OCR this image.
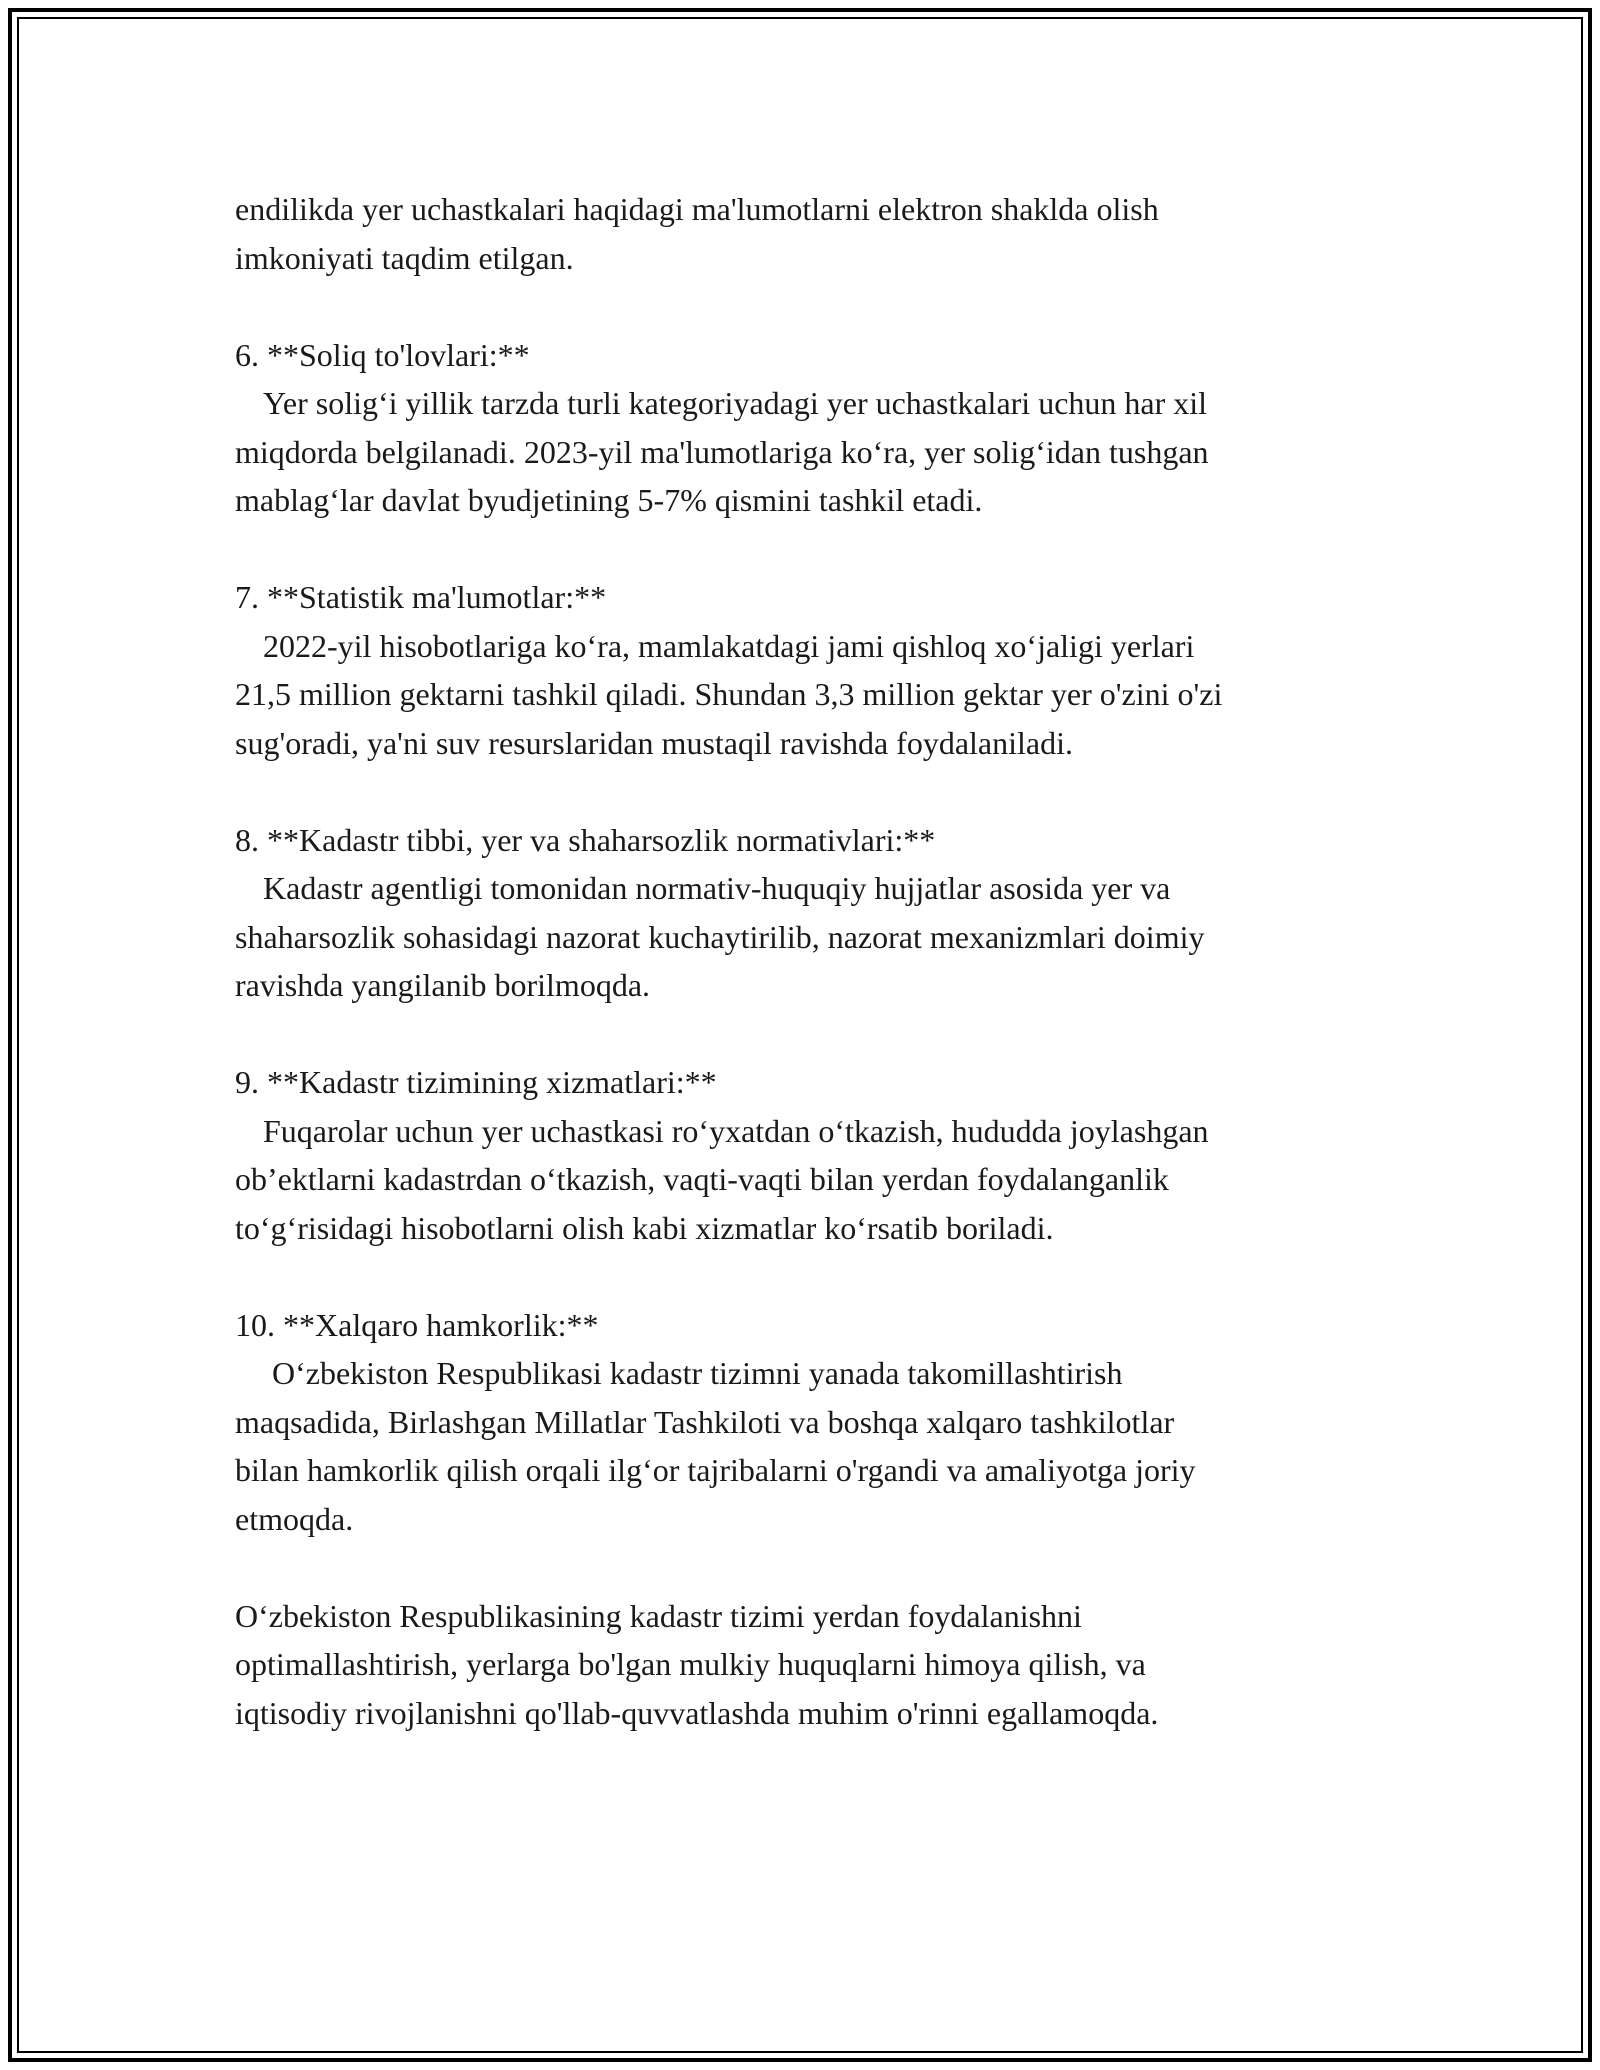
endilikda yer uchastkalari haqidagi ma'lumotlarni elektron shaklda olish

imkoniyati taqdim etilgan.

6. **Soliq to'lovlari:**

Yer solig‘i yillik tarzda turli kategoriyadagi yer uchastkalari uchun har xil

miqdorda belgilanadi. 2023-yil ma'lumotlariga ko‘ra, yer solig‘idan tushgan

mablag‘lar davlat byudjetining 5-7% qismini tashkil etadi.

7. **Statistik ma'lumotlar:**

2022-yil hisobotlariga ko‘ra, mamlakatdagi jami qishloq xo‘jaligi yerlari

21,5 million gektarni tashkil qiladi. Shundan 3,3 million gektar yer o'zini o'zi

sug'oradi, ya'ni suv resurslaridan mustaqil ravishda foydalaniladi.

8. **Kadastr tibbi, yer va shaharsozlik normativlari:**

Kadastr agentligi tomonidan normativ-huquqiy hujjatlar asosida yer va

shaharsozlik sohasidagi nazorat kuchaytirilib, nazorat mexanizmlari doimiy

ravishda yangilanib borilmoqda.

9. **Kadastr tizimining xizmatlari:**

Fuqarolar uchun yer uchastkasi ro‘yxatdan o‘tkazish, hududda joylashgan

ob’ektlarni kadastrdan o‘tkazish, vaqti-vaqti bilan yerdan foydalanganlik

to‘g‘risidagi hisobotlarni olish kabi xizmatlar ko‘rsatib boriladi.

10. **Xalqaro hamkorlik:**

O‘zbekiston Respublikasi kadastr tizimni yanada takomillashtirish

maqsadida, Birlashgan Millatlar Tashkiloti va boshqa xalqaro tashkilotlar

bilan hamkorlik qilish orqali ilg‘or tajribalarni o'rgandi va amaliyotga joriy

etmoqda.

O‘zbekiston Respublikasining kadastr tizimi yerdan foydalanishni

optimallashtirish, yerlarga bo'lgan mulkiy huquqlarni himoya qilish, va

iqtisodiy rivojlanishni qo'llab-quvvatlashda muhim o'rinni egallamoqda.
